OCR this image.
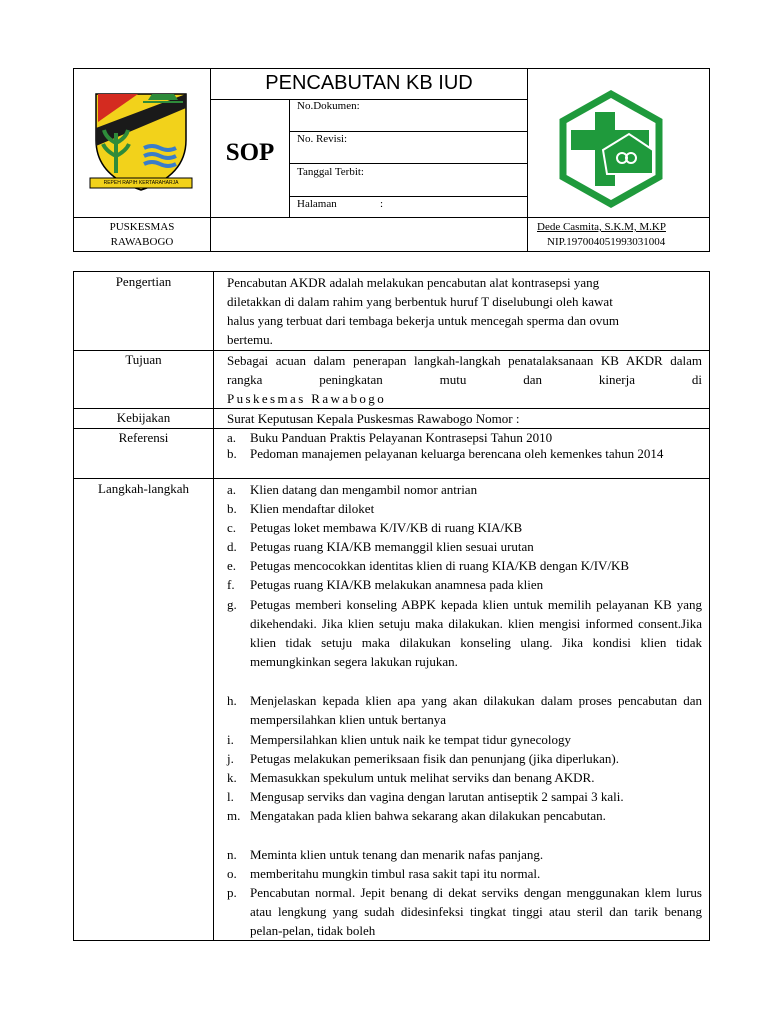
PENCABUTAN KB IUD
SOP
No.Dokumen:
No. Revisi:
Tanggal Terbit:
Halaman	:
REPEH RAPIH KERTARAHARJA
PUSKESMAS
RAWABOGO
Dede Casmita, S.K.M, M.KP
NIP.197004051993031004
Pengertian	Pencabutan AKDR adalah melakukan pencabutan alat kontrasepsi yang
diletakkan di dalam rahim yang berbentuk huruf T diselubungi oleh kawat
halus yang terbuat dari tembaga bekerja untuk mencegah sperma dan ovum
bertemu.
Tujuan	Sebagai acuan dalam penerapan langkah-langkah penatalaksanaan KB AKDR dalam rangka peningkatan mutu dan kinerja di
Puskesmas Rawabogo
Kebijakan	Surat Keputusan Kepala Puskesmas Rawabogo Nomor :
Referensi	a.	Buku Panduan Praktis Pelayanan Kontrasepsi Tahun 2010
b.	Pedoman manajemen pelayanan keluarga berencana oleh kemenkes tahun 2014
Langkah-langkah	a.	Klien datang dan mengambil nomor antrian
b.	Klien mendaftar diloket
c.	Petugas loket membawa K/IV/KB di ruang KIA/KB
d.	Petugas ruang KIA/KB memanggil klien sesuai urutan
e.	Petugas mencocokkan identitas klien di ruang KIA/KB dengan K/IV/KB
f.	Petugas ruang KIA/KB melakukan anamnesa pada klien
g.	Petugas memberi konseling ABPK kepada klien untuk memilih pelayanan KB yang dikehendaki. Jika klien setuju maka dilakukan. klien mengisi informed consent.Jika klien tidak setuju maka dilakukan konseling ulang. Jika kondisi klien tidak memungkinkan segera lakukan rujukan.
h.	Menjelaskan kepada klien apa yang akan dilakukan dalam proses pencabutan dan mempersilahkan klien untuk bertanya
i.	Mempersilahkan klien untuk naik ke tempat tidur gynecology
j.	Petugas melakukan pemeriksaan fisik dan penunjang (jika diperlukan).
k.	Memasukkan spekulum untuk melihat serviks dan benang AKDR.
l.	Mengusap serviks dan vagina dengan larutan antiseptik 2 sampai 3 kali.
m. Mengatakan pada klien bahwa sekarang akan dilakukan pencabutan.
n.	Meminta klien untuk tenang dan menarik nafas panjang.
o.	memberitahu mungkin timbul rasa sakit tapi itu normal.
p.	Pencabutan normal. Jepit benang di dekat serviks dengan menggunakan klem lurus atau lengkung yang sudah didesinfeksi tingkat tinggi atau steril dan tarik benang pelan-pelan, tidak boleh
